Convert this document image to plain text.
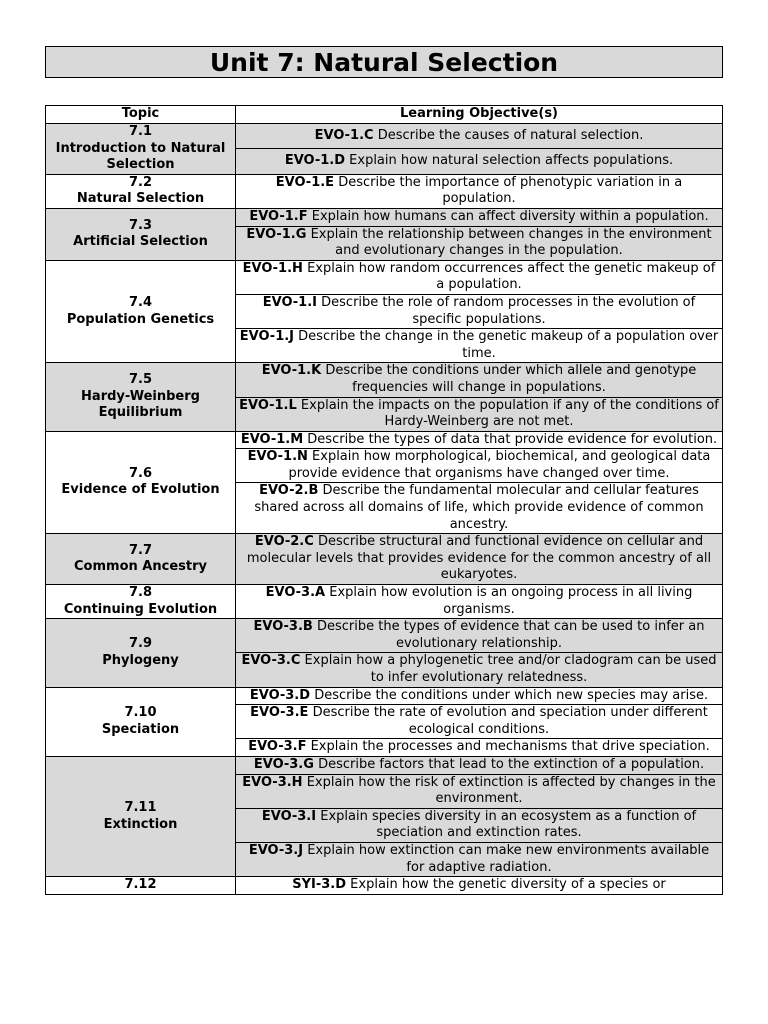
Unit 7: Natural Selection
Topic	Learning Objective(s)

7.1
Introduction to Natural Selection	EVO-1.C Describe the causes of natural selection.
	EVO-1.D Explain how natural selection affects populations.

7.2
Natural Selection	EVO-1.E Describe the importance of phenotypic variation in a population.

7.3
Artificial Selection	EVO-1.F Explain how humans can affect diversity within a population.
	EVO-1.G Explain the relationship between changes in the environment and evolutionary changes in the population.

7.4
Population Genetics	EVO-1.H Explain how random occurrences affect the genetic makeup of a population.
	EVO-1.I Describe the role of random processes in the evolution of specific populations.
	EVO-1.J Describe the change in the genetic makeup of a population over time.

7.5
Hardy-Weinberg Equilibrium	EVO-1.K Describe the conditions under which allele and genotype frequencies will change in populations.
	EVO-1.L Explain the impacts on the population if any of the conditions of Hardy-Weinberg are not met.

7.6
Evidence of Evolution	EVO-1.M Describe the types of data that provide evidence for evolution.
	EVO-1.N Explain how morphological, biochemical, and geological data provide evidence that organisms have changed over time.
	EVO-2.B Describe the fundamental molecular and cellular features shared across all domains of life, which provide evidence of common ancestry.

7.7
Common Ancestry	EVO-2.C Describe structural and functional evidence on cellular and molecular levels that provides evidence for the common ancestry of all eukaryotes.

7.8
Continuing Evolution	EVO-3.A Explain how evolution is an ongoing process in all living organisms.

7.9
Phylogeny	EVO-3.B Describe the types of evidence that can be used to infer an evolutionary relationship.
	EVO-3.C Explain how a phylogenetic tree and/or cladogram can be used to infer evolutionary relatedness.

7.10
Speciation	EVO-3.D Describe the conditions under which new species may arise.
	EVO-3.E Describe the rate of evolution and speciation under different ecological conditions.
	EVO-3.F Explain the processes and mechanisms that drive speciation.

7.11
Extinction	EVO-3.G Describe factors that lead to the extinction of a population.
	EVO-3.H Explain how the risk of extinction is affected by changes in the environment.
	EVO-3.I Explain species diversity in an ecosystem as a function of speciation and extinction rates.
	EVO-3.J Explain how extinction can make new environments available for adaptive radiation.

7.12	SYI-3.D Explain how the genetic diversity of a species or
